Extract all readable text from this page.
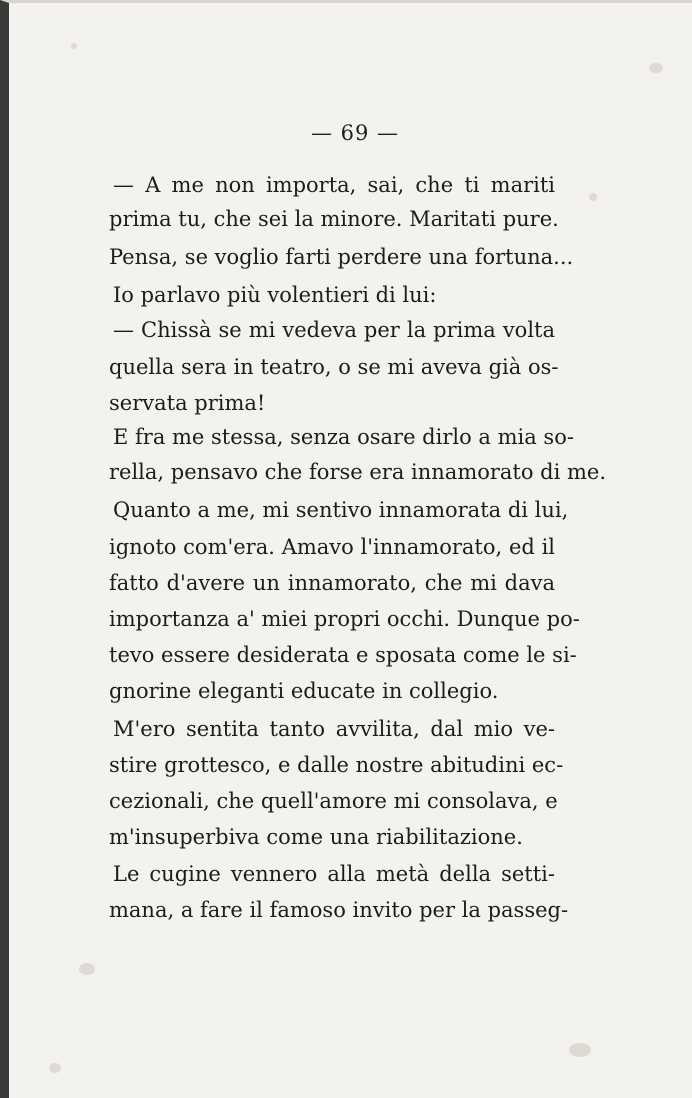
— 69 —
— A me non importa, sai, che ti mariti
prima tu, che sei la minore. Maritati pure.
Pensa, se voglio farti perdere una fortuna...
Io parlavo più volentieri di lui:
— Chissà se mi vedeva per la prima volta
quella sera in teatro, o se mi aveva già os-
servata prima!
E fra me stessa, senza osare dirlo a mia so-
rella, pensavo che forse era innamorato di me.
Quanto a me, mi sentivo innamorata di lui,
ignoto com'era. Amavo l'innamorato, ed il
fatto d'avere un innamorato, che mi dava
importanza a' miei propri occhi. Dunque po-
tevo essere desiderata e sposata come le si-
gnorine eleganti educate in collegio.
M'ero sentita tanto avvilita, dal mio ve-
stire grottesco, e dalle nostre abitudini ec-
cezionali, che quell'amore mi consolava, e
m'insuperbiva come una riabilitazione.
Le cugine vennero alla metà della setti-
mana, a fare il famoso invito per la passeg-
